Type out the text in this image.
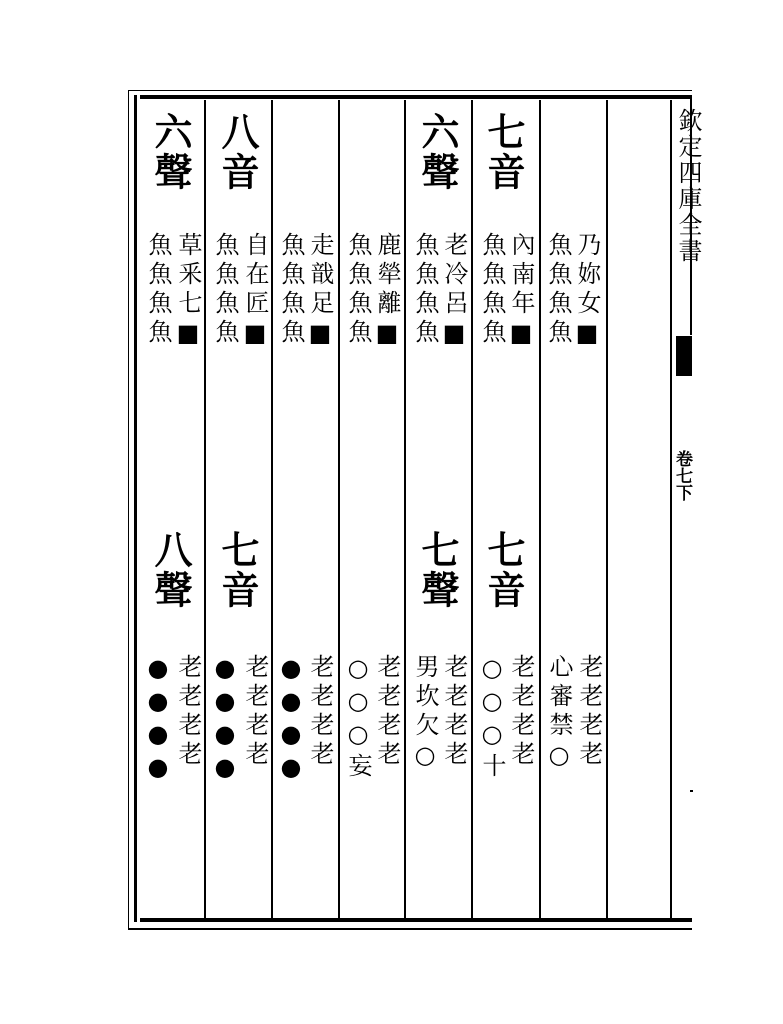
欽定四庫全書
卷七下
乃妳女■
魚魚魚魚
老老老老
心審禁○
七音
內南年■
魚魚魚魚
七音
老老老老
○○○十
六聲
老冷呂■
魚魚魚魚
七聲
老老老老
男坎欠○
鹿犖離■
魚魚魚魚
老老老老
○○○妄
走戠足■
魚魚魚魚
老老老老
●●●●
八音
自在匠■
魚魚魚魚
七音
老老老老
●●●●
六聲
草釆七■
魚魚魚魚
八聲
老老老老
●●●●
